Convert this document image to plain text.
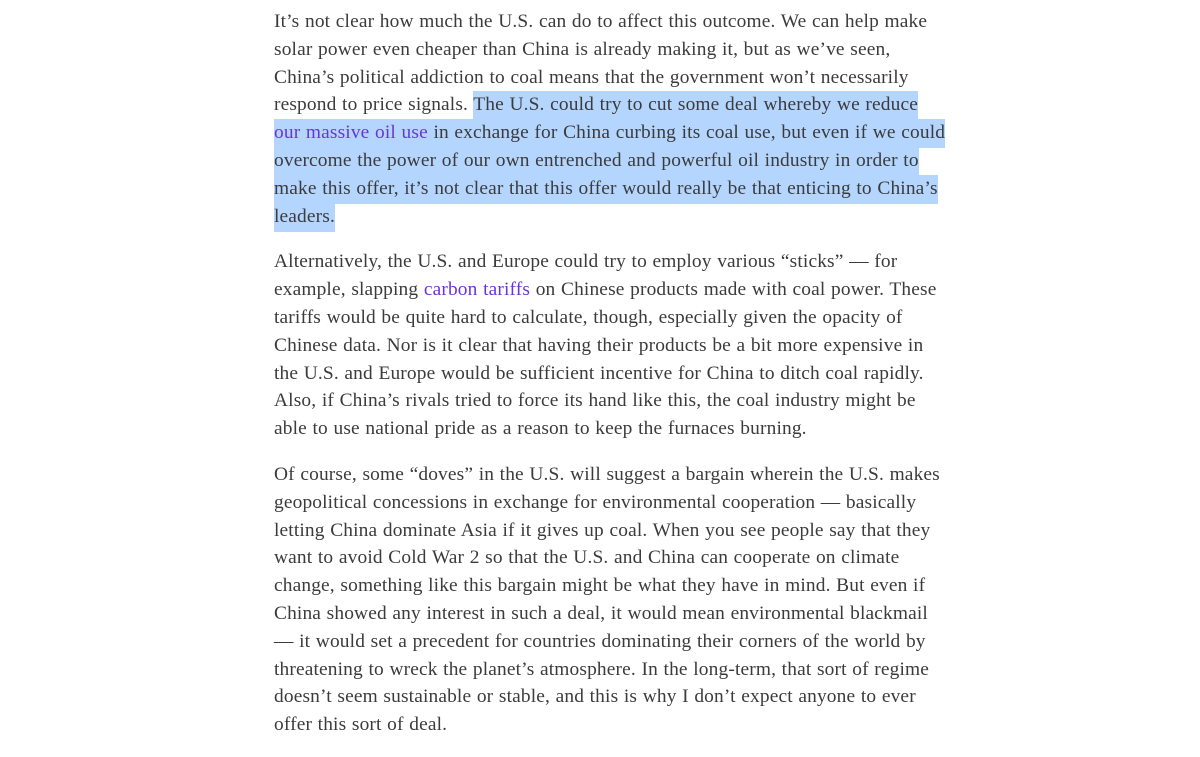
It’s not clear how much the U.S. can do to affect this outcome. We can help make solar power even cheaper than China is already making it, but as we’ve seen, China’s political addiction to coal means that the government won’t necessarily respond to price signals. The U.S. could try to cut some deal whereby we reduce our massive oil use in exchange for China curbing its coal use, but even if we could overcome the power of our own entrenched and powerful oil industry in order to make this offer, it’s not clear that this offer would really be that enticing to China’s leaders.

Alternatively, the U.S. and Europe could try to employ various “sticks” — for example, slapping carbon tariffs on Chinese products made with coal power. These tariffs would be quite hard to calculate, though, especially given the opacity of Chinese data. Nor is it clear that having their products be a bit more expensive in the U.S. and Europe would be sufficient incentive for China to ditch coal rapidly. Also, if China’s rivals tried to force its hand like this, the coal industry might be able to use national pride as a reason to keep the furnaces burning.

Of course, some “doves” in the U.S. will suggest a bargain wherein the U.S. makes geopolitical concessions in exchange for environmental cooperation — basically letting China dominate Asia if it gives up coal. When you see people say that they want to avoid Cold War 2 so that the U.S. and China can cooperate on climate change, something like this bargain might be what they have in mind. But even if China showed any interest in such a deal, it would mean environmental blackmail — it would set a precedent for countries dominating their corners of the world by threatening to wreck the planet’s atmosphere. In the long-term, that sort of regime doesn’t seem sustainable or stable, and this is why I don’t expect anyone to ever offer this sort of deal.
